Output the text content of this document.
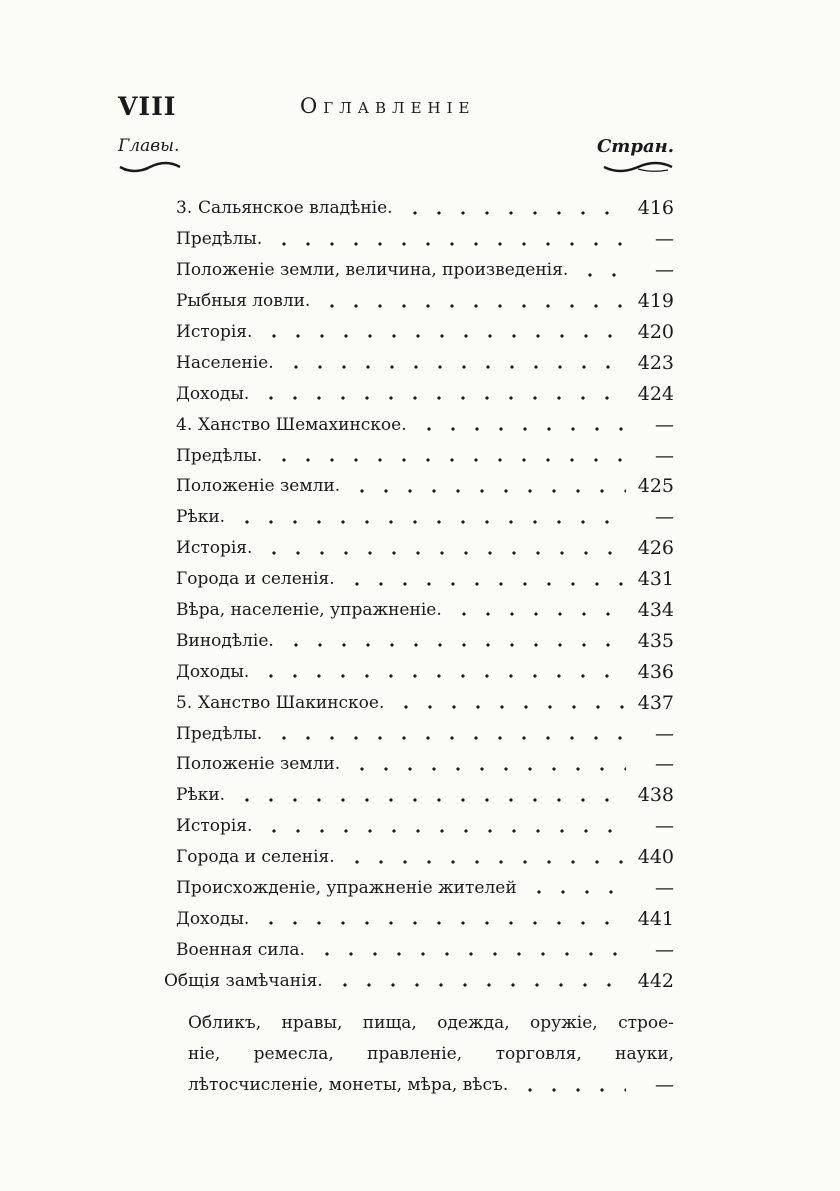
VIII	Оглавленіе
Главы.	Стран.
3. Сальянское владѣніе.	416
Предѣлы.	—
Положеніе земли, величина, произведенія.	—
Рыбныя ловли.	419
Исторія.	420
Населеніе.	423
Доходы.	424
4. Ханство Шемахинское.	—
Предѣлы.	—
Положеніе земли.	425
Рѣки.	—
Исторія.	426
Города и селенія.	431
Вѣра, населеніе, упражненіе.	434
Винодѣліе.	435
Доходы.	436
5. Ханство Шакинское.	437
Предѣлы.	—
Положеніе земли.	—
Рѣки.	438
Исторія.	—
Города и селенія.	440
Происхожденіе, упражненіе жителей	—
Доходы.	441
Военная сила.	—
Общія замѣчанія.	442
Обликъ, нравы, пища, одежда, оружіе, строе-
ніе, ремесла, правленіе, торговля, науки,
лѣтосчисленіе, монеты, мѣра, вѣсъ.	—
